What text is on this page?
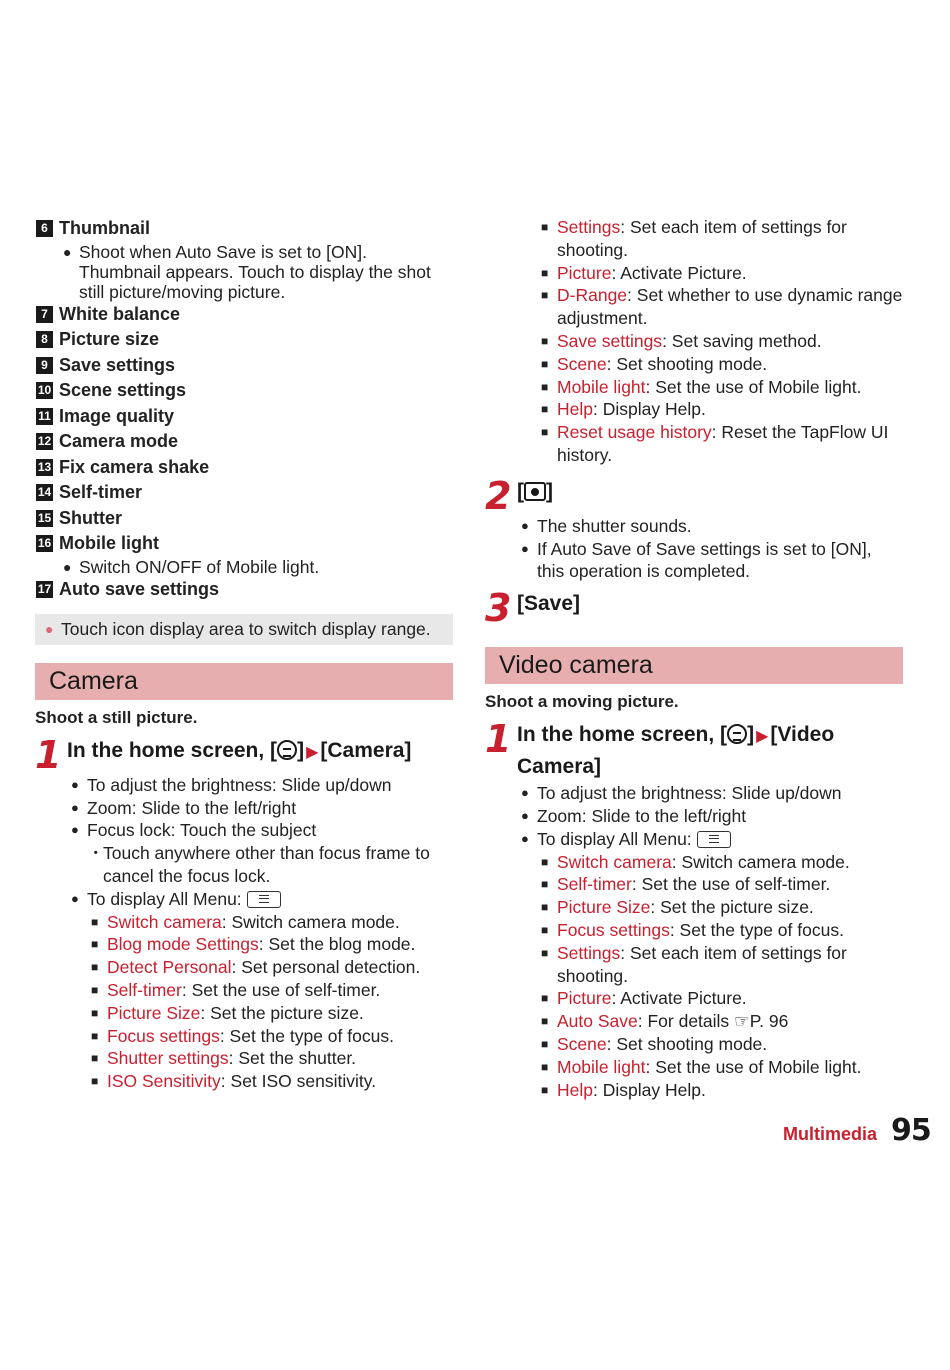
6 Thumbnail
● Shoot when Auto Save is set to [ON]. Thumbnail appears. Touch to display the shot still picture/moving picture.
7 White balance
8 Picture size
9 Save settings
10 Scene settings
11 Image quality
12 Camera mode
13 Fix camera shake
14 Self-timer
15 Shutter
16 Mobile light
● Switch ON/OFF of Mobile light.
17 Auto save settings
● Touch icon display area to switch display range.
Camera
Shoot a still picture.
1 In the home screen, [ ] ▶[Camera]
● To adjust the brightness: Slide up/down
● Zoom: Slide to the left/right
● Focus lock: Touch the subject
・
Touch anywhere other than focus frame to cancel the focus lock.
● To display All Menu:
■ Switch camera: Switch camera mode.
■ Blog mode Settings: Set the blog mode.
■ Detect Personal: Set personal detection.
■ Self-timer: Set the use of self-timer.
■ Picture Size: Set the picture size.
■ Focus settings: Set the type of focus.
■ Shutter settings: Set the shutter.
■ ISO Sensitivity: Set ISO sensitivity.
■ Settings: Set each item of settings for shooting.
■ Picture: Activate Picture.
■ D-Range: Set whether to use dynamic range adjustment.
■ Save settings: Set saving method.
■ Scene: Set shooting mode.
■ Mobile light: Set the use of Mobile light.
■ Help: Display Help.
■ Reset usage history: Reset the TapFlow UI history.
2 [ ]
● The shutter sounds.
● If Auto Save of Save settings is set to [ON], this operation is completed.
3 [Save]
Video camera
Shoot a moving picture.
1 In the home screen, [ ] ▶[Video Camera]
● To adjust the brightness: Slide up/down
● Zoom: Slide to the left/right
● To display All Menu:
■ Switch camera: Switch camera mode.
■ Self-timer: Set the use of self-timer.
■ Picture Size: Set the picture size.
■ Focus settings: Set the type of focus.
■ Settings: Set each item of settings for shooting.
■ Picture: Activate Picture.
■ Auto Save: For details ☞P. 96
■ Scene: Set shooting mode.
■ Mobile light: Set the use of Mobile light.
■ Help: Display Help.
Multimedia 95
